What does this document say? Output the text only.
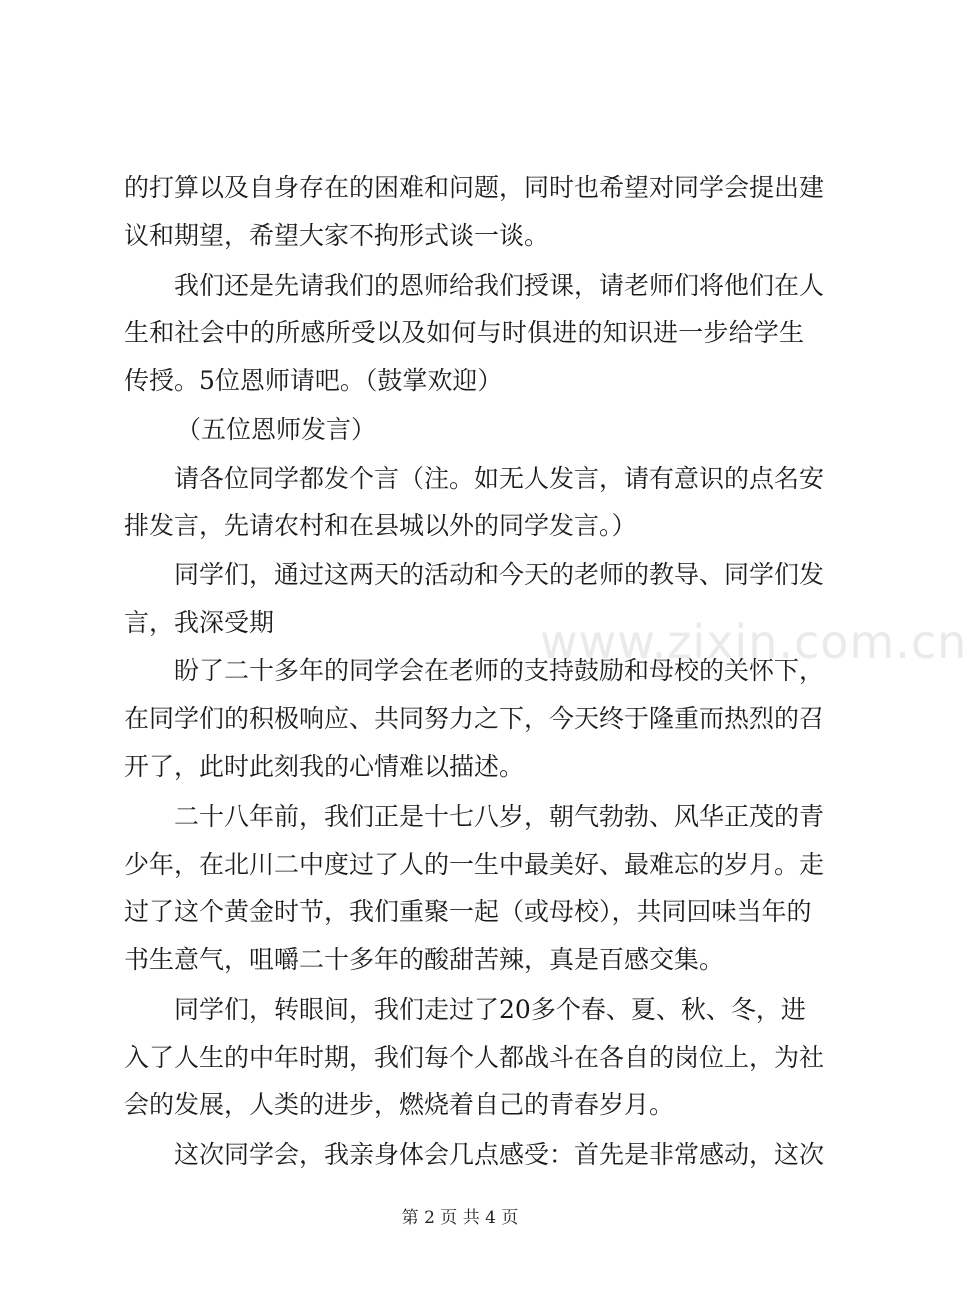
的打算以及自身存在的困难和问题，同时也希望对同学会提出建
议和期望，希望大家不拘形式谈一谈。
我们还是先请我们的恩师给我们授课，请老师们将他们在人
生和社会中的所感所受以及如何与时俱进的知识进一步给学生
传授。5位恩师请吧。（鼓掌欢迎）
（五位恩师发言）
请各位同学都发个言（注。如无人发言，请有意识的点名安
排发言，先请农村和在县城以外的同学发言。）
同学们，通过这两天的活动和今天的老师的教导、同学们发
言，我深受期
盼了二十多年的同学会在老师的支持鼓励和母校的关怀下，
在同学们的积极响应、共同努力之下，今天终于隆重而热烈的召
开了，此时此刻我的心情难以描述。
二十八年前，我们正是十七八岁，朝气勃勃、风华正茂的青
少年，在北川二中度过了人的一生中最美好、最难忘的岁月。走
过了这个黄金时节，我们重聚一起（或母校），共同回味当年的
书生意气，咀嚼二十多年的酸甜苦辣，真是百感交集。
同学们，转眼间，我们走过了20多个春、夏、秋、冬，进
入了人生的中年时期，我们每个人都战斗在各自的岗位上，为社
会的发展，人类的进步，燃烧着自己的青春岁月。
这次同学会，我亲身体会几点感受：首先是非常感动，这次
www.zixin.com.cn
第 2 页 共 4 页
